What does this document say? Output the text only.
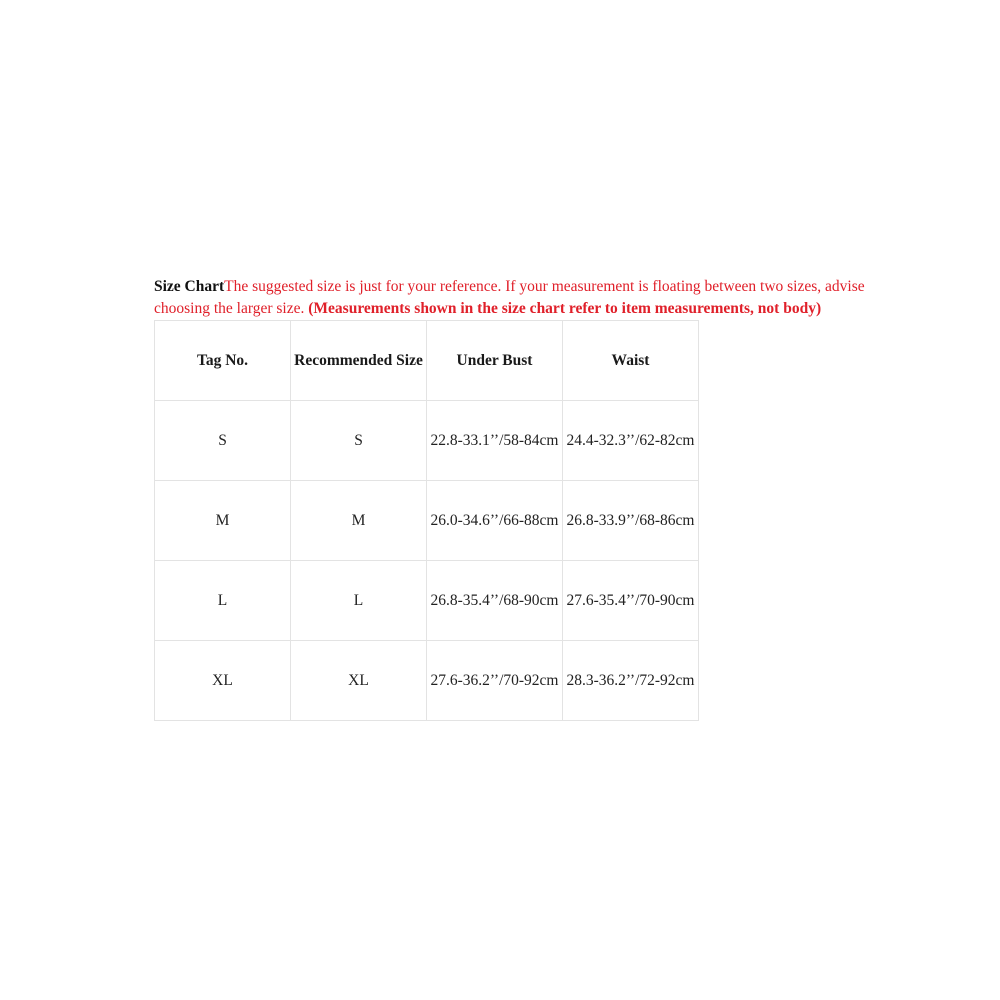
Size ChartThe suggested size is just for your reference. If your measurement is floating between two sizes, advise choosing the larger size. (Measurements shown in the size chart refer to item measurements, not body)

Tag No.	Recommended Size	Under Bust	Waist
S	S	22.8-33.1’’/58-84cm	24.4-32.3’’/62-82cm
M	M	26.0-34.6’’/66-88cm	26.8-33.9’’/68-86cm
L	L	26.8-35.4’’/68-90cm	27.6-35.4’’/70-90cm
XL	XL	27.6-36.2’’/70-92cm	28.3-36.2’’/72-92cm
